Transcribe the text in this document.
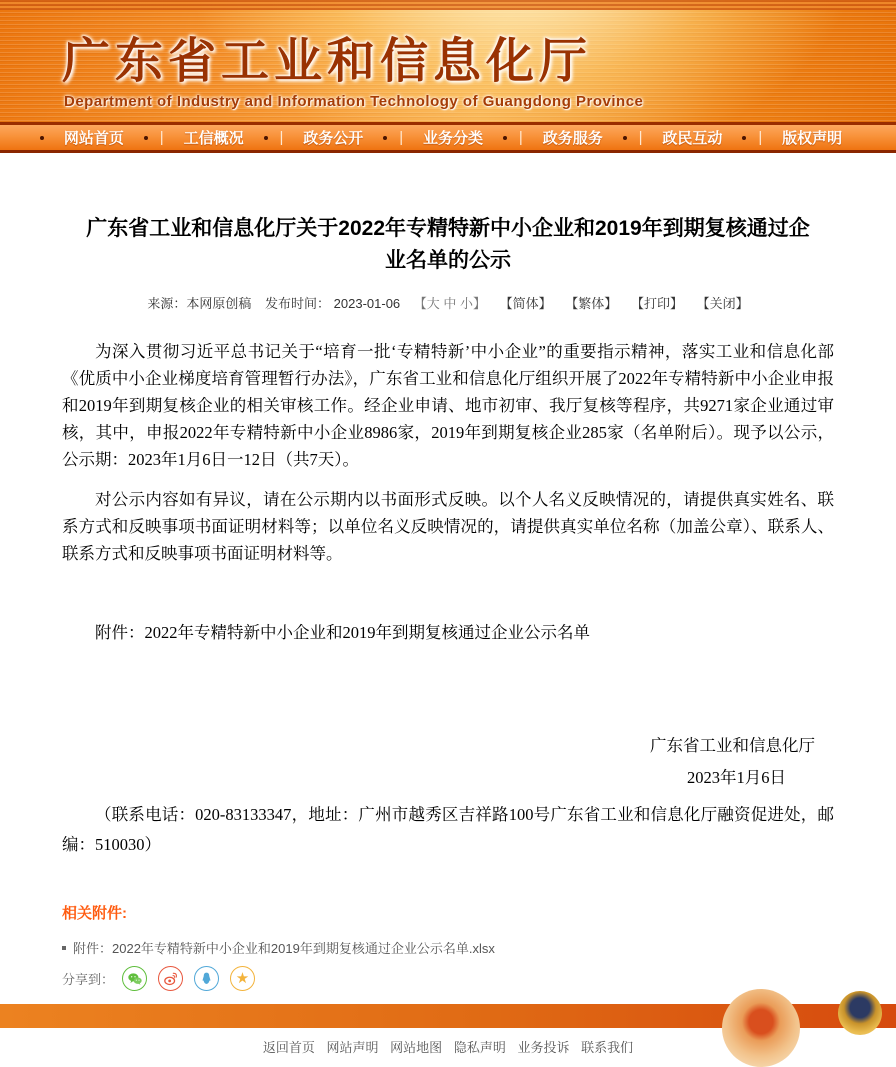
广东省工业和信息化厅
Department of Industry and Information Technology of Guangdong Province
网站首页 | 工信概况 | 政务公开 | 业务分类 | 政务服务 | 政民互动 | 版权声明
广东省工业和信息化厅关于2022年专精特新中小企业和2019年到期复核通过企业名单的公示
来源：本网原创稿 发布时间： 2023-01-06 【大 中 小】 【简体】 【繁体】 【打印】 【关闭】

为深入贯彻习近平总书记关于“培育一批‘专精特新’中小企业”的重要指示精神，落实工业和信息化部《优质中小企业梯度培育管理暂行办法》，广东省工业和信息化厅组织开展了2022年专精特新中小企业申报和2019年到期复核企业的相关审核工作。经企业申请、地市初审、我厅复核等程序，共9271家企业通过审核，其中，申报2022年专精特新中小企业8986家，2019年到期复核企业285家（名单附后）。现予以公示，公示期：2023年1月6日一12日（共7天）。

对公示内容如有异议，请在公示期内以书面形式反映。以个人名义反映情况的，请提供真实姓名、联系方式和反映事项书面证明材料等；以单位名义反映情况的，请提供真实单位名称（加盖公章）、联系人、联系方式和反映事项书面证明材料等。

附件：2022年专精特新中小企业和2019年到期复核通过企业公示名单

广东省工业和信息化厅

2023年1月6日

（联系电话：020-83133347，地址：广州市越秀区吉祥路100号广东省工业和信息化厅融资促进处，邮编：510030）

相关附件:
附件：2022年专精特新中小企业和2019年到期复核通过企业公示名单.xlsx
分享到：	★
返回首页 网站声明 网站地图 隐私声明 业务投诉 联系我们
